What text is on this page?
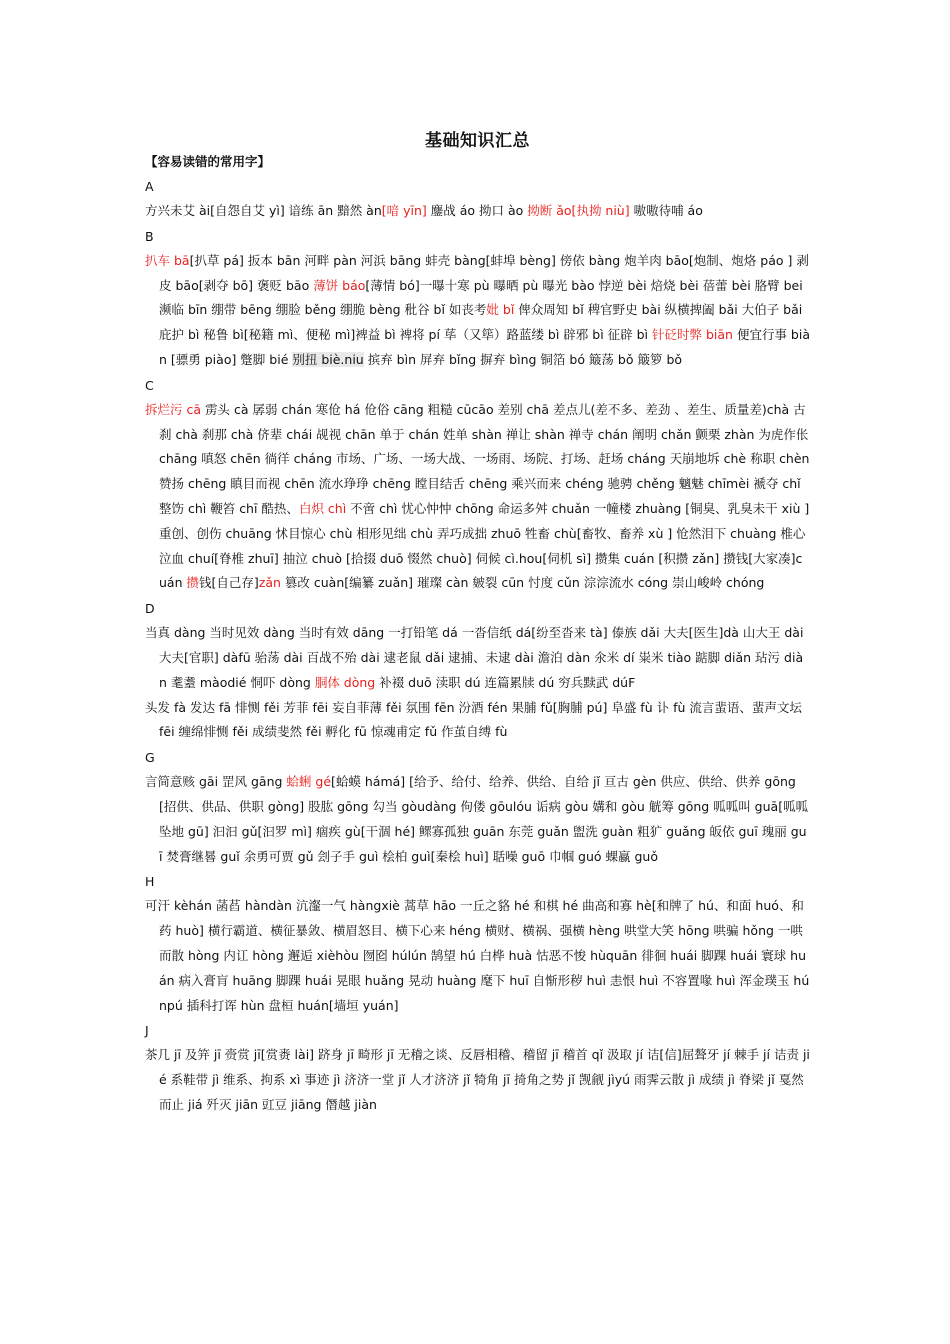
基础知识汇总
【容易读错的常用字】

A

方兴未艾 ài[自怨自艾 yì] 谙练 ān 黯然 àn[喑 yīn] 鏖战 áo 拗口 ào 拗断 ǎo[执拗 niù] 嗷嗷待哺 áo

B

扒车 bā[扒草 pá] 扳本 bān 河畔 pàn 河浜 bāng 蚌壳 bàng[蚌埠 bèng] 傍依 bàng 炮羊肉 bāo[炮制、炮烙 páo ] 剥皮 bāo[剥夺 bō] 褒贬 bāo 薄饼 báo[薄情 bó]一曝十寒 pù 曝晒 pù 曝光 bào 悖逆 bèi 焙烧 bèi 蓓蕾 bèi 胳臂 bei 濒临 bīn 绷带 bēng 绷脸 běng 绷脆 bèng 秕谷 bǐ 如丧考妣 bǐ 俾众周知 bǐ 稗官野史 bài 纵横捭阖 bǎi 大伯子 bǎi 庇护 bì 秘鲁 bì[秘籍 mì、便秘 mì]裨益 bì 裨将 pí 荜（又筚）路蓝缕 bì 辟邪 bì 征辟 bì 针砭时弊 biān 便宜行事 biàn [骠勇 piào] 蹩脚 bié 别扭 biè.niu 摈弃 bìn 屏弃 bǐng 摒弃 bìng 铜箔 bó 簸荡 bǒ 簸箩 bǒ

C

拆烂污 cā 雳头 cà 孱弱 chán 寒伧 há 伧俗 cāng 粗糙 cūcāo 差别 chā 差点儿(差不多、差劲 、差生、质量差)chà 古刹 chà 刹那 chà 侪辈 chái 觇视 chān 单于 chán 姓单 shàn 禅让 shàn 禅寺 chán 阐明 chǎn 颤栗 zhàn 为虎作伥 chāng 嗔怒 chēn 徜徉 cháng 市场、广场、一场大战、一场雨、场院、打场、赶场 cháng 天崩地坼 chè 称职 chèn 赞扬 chēng 瞋目而视 chēn 流水琤琤 chēng 瞠目结舌 chēng 乘兴而来 chéng 驰骋 chěng 魑魅 chīmèi 褫夺 chǐ 整饬 chì 鞭笞 chī 酷热、白炽 chì 不啻 chì 忧心忡忡 chōng 命运多舛 chuǎn 一幢楼 zhuàng [铜臭、乳臭未干 xiù ] 重创、创伤 chuāng 怵目惊心 chù 相形见绌 chù 弄巧成拙 zhuō 牲畜 chù[畜牧、畜养 xù ] 怆然泪下 chuàng 椎心泣血 chuí[脊椎 zhuī] 抽泣 chuò [拾掇 duō 惙然 chuò] 伺候 cì.hou[伺机 sì] 攒集 cuán [积攒 zǎn] 攒钱[大家凑]cuán 攒钱[自己存]zǎn 篡改 cuàn[编纂 zuǎn] 璀璨 càn 皴裂 cūn 忖度 cǔn 淙淙流水 cóng 崇山峻岭 chóng

D

当真 dàng 当时见效 dàng 当时有效 dāng 一打铅笔 dá 一沓信纸 dá[纷至沓来 tà] 傣族 dǎi 大夫[医生]dà 山大王 dài 大夫[官职] dàfū 骀荡 dài 百战不殆 dài 逮老鼠 dǎi 逮捕、未逮 dài 澹泊 dàn 氽米 dí 粜米 tiào 踮脚 diǎn 玷污 diàn 耄耋 màodié 恫吓 dòng 胴体 dòng 补裰 duō 渎职 dú 连篇累牍 dú 穷兵黩武 dúF

头发 fà 发达 fā 悱恻 fěi 芳菲 fēi 妄自菲薄 fěi 氛围 fēn 汾酒 fén 果脯 fǔ[胸脯 pú] 阜盛 fù 讣 fù 流言蜚语、蜚声文坛 fēi 缠绵悱恻 fěi 成绩斐然 fěi 孵化 fū 惊魂甫定 fǔ 作茧自缚 fù

G

言简意赅 gāi 罡风 gāng 蛤蜊 gé[蛤蟆 hámá] [给予、给付、给养、供给、自给 jǐ 亘古 gèn 供应、供给、供养 gōng[招供、供品、供职 gòng] 股肱 gōng 勾当 gòudàng 佝偻 gōulóu 诟病 gòu 媾和 gòu 觥筹 gōng 呱呱叫 guā[呱呱坠地 gū] 汩汩 gǔ[汩罗 mì] 痼疾 gù[干涸 hé] 鳏寡孤独 guān 东莞 guǎn 盥洗 guàn 粗犷 guǎng 皈依 guī 瑰丽 guī 焚膏继晷 guǐ 余勇可贾 gǔ 刽子手 guì 桧柏 guì[秦桧 huì] 聒噪 guō 巾帼 guó 蜾蠃 guǒ

H

可汗 kèhán 菡萏 hàndàn 沆瀣一气 hàngxiè 蒿草 hāo 一丘之貉 hé 和棋 hé 曲高和寡 hè[和牌了 hú、和面 huó、和药 huò] 横行霸道、横征暴敛、横眉怒目、横下心来 héng 横财、横祸、强横 hèng 哄堂大笑 hōng 哄骗 hǒng 一哄而散 hòng 内讧 hòng 邂逅 xièhòu 囫囵 húlún 鹄望 hú 白桦 huà 怙恶不悛 hùquān 徘徊 huái 脚踝 huái 寰球 huán 病入膏肓 huāng 脚踝 huái 晃眼 huǎng 晃动 huàng 麾下 huī 自惭形秽 huì 恚恨 huì 不容置喙 huì 浑金璞玉 húnpú 插科打诨 hùn 盘桓 huán[墙垣 yuán]

J

茶几 jī 及笄 jī 赍赏 jī[赏赉 lài] 跻身 jī 畸形 jī 无稽之谈、反唇相稽、稽留 jī 稽首 qǐ 汲取 jí 诘[信]屈聱牙 jí 棘手 jí 诘责 jié 系鞋带 jì 维系、拘系 xì 事迹 jì 济济一堂 jǐ 人才济济 jǐ 犄角 jī 掎角之势 jǐ 觊觎 jìyú 雨霁云散 jì 成绩 jì 脊梁 jǐ 戛然而止 jiá 歼灭 jiān 豇豆 jiāng 僭越 jiàn
